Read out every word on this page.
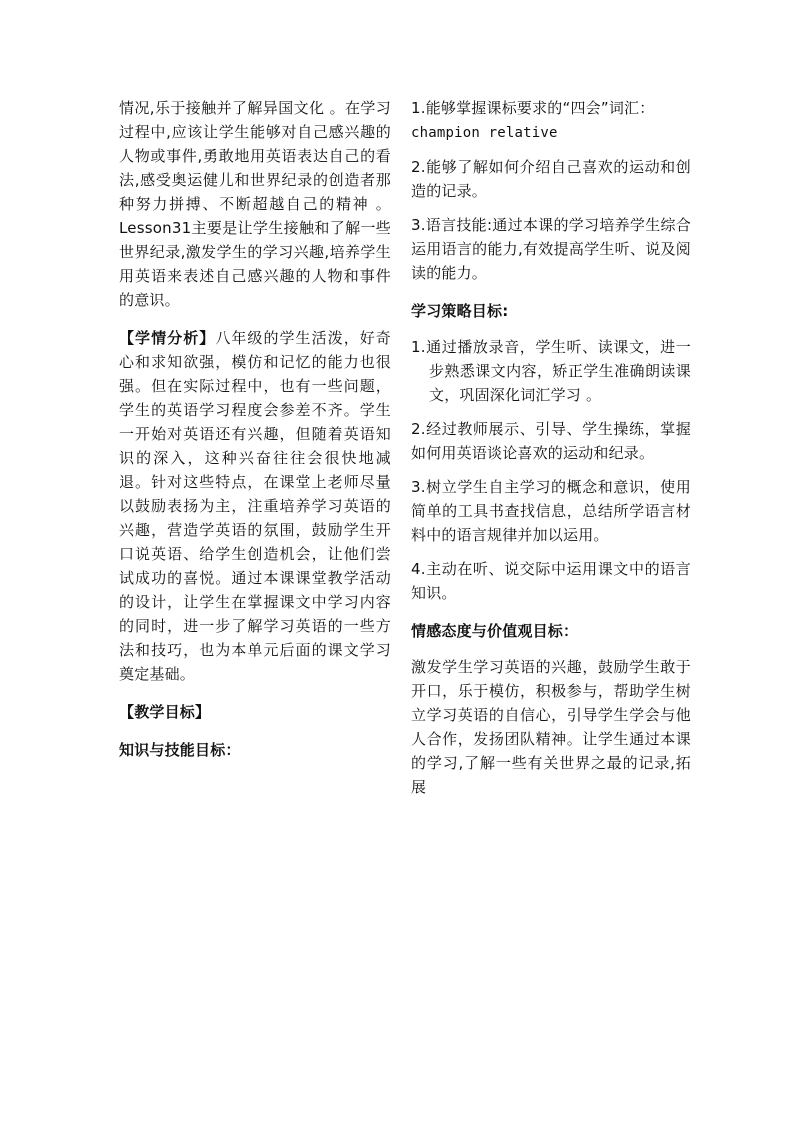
情况,乐于接触并了解异国文化 。在学习过程中,应该让学生能够对自己感兴趣的人物或事件,勇敢地用英语表达自己的看法,感受奥运健儿和世界纪录的创造者那种努力拼搏、不断超越自己的精神 。Lesson31主要是让学生接触和了解一些世界纪录,激发学生的学习兴趣,培养学生用英语来表述自己感兴趣的人物和事件的意识。

【学情分析】八年级的学生活泼，好奇心和求知欲强，模仿和记忆的能力也很强。但在实际过程中，也有一些问题，学生的英语学习程度会参差不齐。学生一开始对英语还有兴趣，但随着英语知识的深入，这种兴奋往往会很快地减退。针对这些特点，在课堂上老师尽量以鼓励表扬为主，注重培养学习英语的兴趣，营造学英语的氛围，鼓励学生开口说英语、给学生创造机会，让他们尝试成功的喜悦。通过本课课堂教学活动的设计，让学生在掌握课文中学习内容的同时，进一步了解学习英语的一些方法和技巧，也为本单元后面的课文学习奠定基础。

【教学目标】

知识与技能目标：

1.能够掌握课标要求的“四会”词汇：
champion relative

2.能够了解如何介绍自己喜欢的运动和创造的记录。

3.语言技能:通过本课的学习培养学生综合运用语言的能力,有效提高学生听、说及阅读的能力。

学习策略目标:

1.通过播放录音，学生听、读课文，进一步熟悉课文内容，矫正学生准确朗读课文，巩固深化词汇学习 。

2.经过教师展示、引导、学生操练，掌握如何用英语谈论喜欢的运动和纪录。

3.树立学生自主学习的概念和意识，使用简单的工具书查找信息，总结所学语言材料中的语言规律并加以运用。

4.主动在听、说交际中运用课文中的语言知识。

情感态度与价值观目标：

激发学生学习英语的兴趣，鼓励学生敢于开口，乐于模仿，积极参与，帮助学生树立学习英语的自信心，引导学生学会与他人合作，发扬团队精神。让学生通过本课的学习,了解一些有关世界之最的记录,拓展
